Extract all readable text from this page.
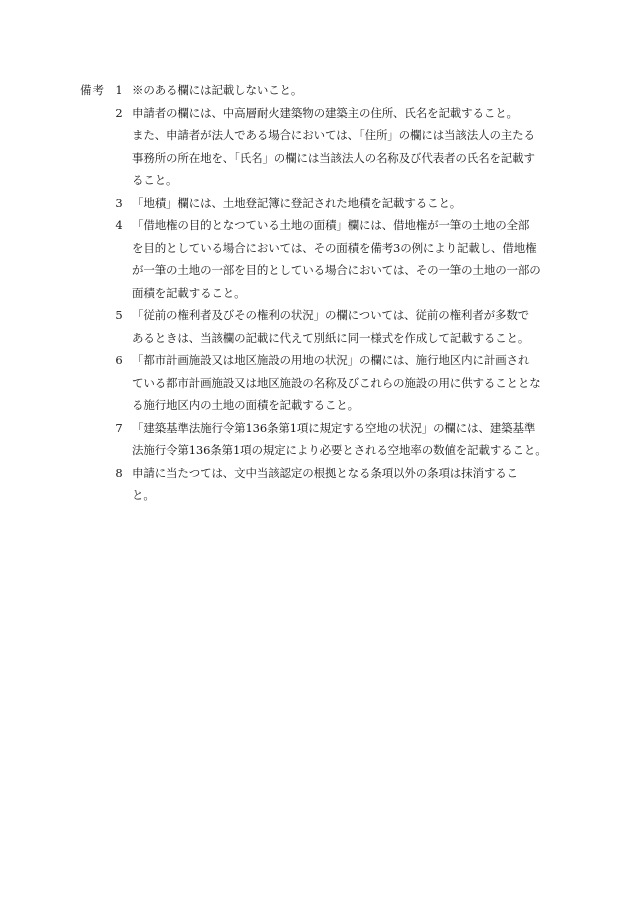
備考 1 ※のある欄には記載しないこと。
2 申請者の欄には、中高層耐火建築物の建築主の住所、氏名を記載すること。
また、申請者が法人である場合においては、「住所」の欄には当該法人の主たる
事務所の所在地を、「氏名」の欄には当該法人の名称及び代表者の氏名を記載す
ること。
3 「地積」欄には、土地登記簿に登記された地積を記載すること。
4 「借地権の目的となつている土地の面積」欄には、借地権が一筆の土地の全部
を目的としている場合においては、その面積を備考3の例により記載し、借地権
が一筆の土地の一部を目的としている場合においては、その一筆の土地の一部の
面積を記載すること。
5 「従前の権利者及びその権利の状況」の欄については、従前の権利者が多数で
あるときは、当該欄の記載に代えて別紙に同一様式を作成して記載すること。
6 「都市計画施設又は地区施設の用地の状況」の欄には、施行地区内に計画され
ている都市計画施設又は地区施設の名称及びこれらの施設の用に供することとな
る施行地区内の土地の面積を記載すること。
7 「建築基準法施行令第136条第1項に規定する空地の状況」の欄には、建築基準
法施行令第136条第1項の規定により必要とされる空地率の数値を記載すること。
8 申請に当たつては、文中当該認定の根拠となる条項以外の条項は抹消するこ
と。
